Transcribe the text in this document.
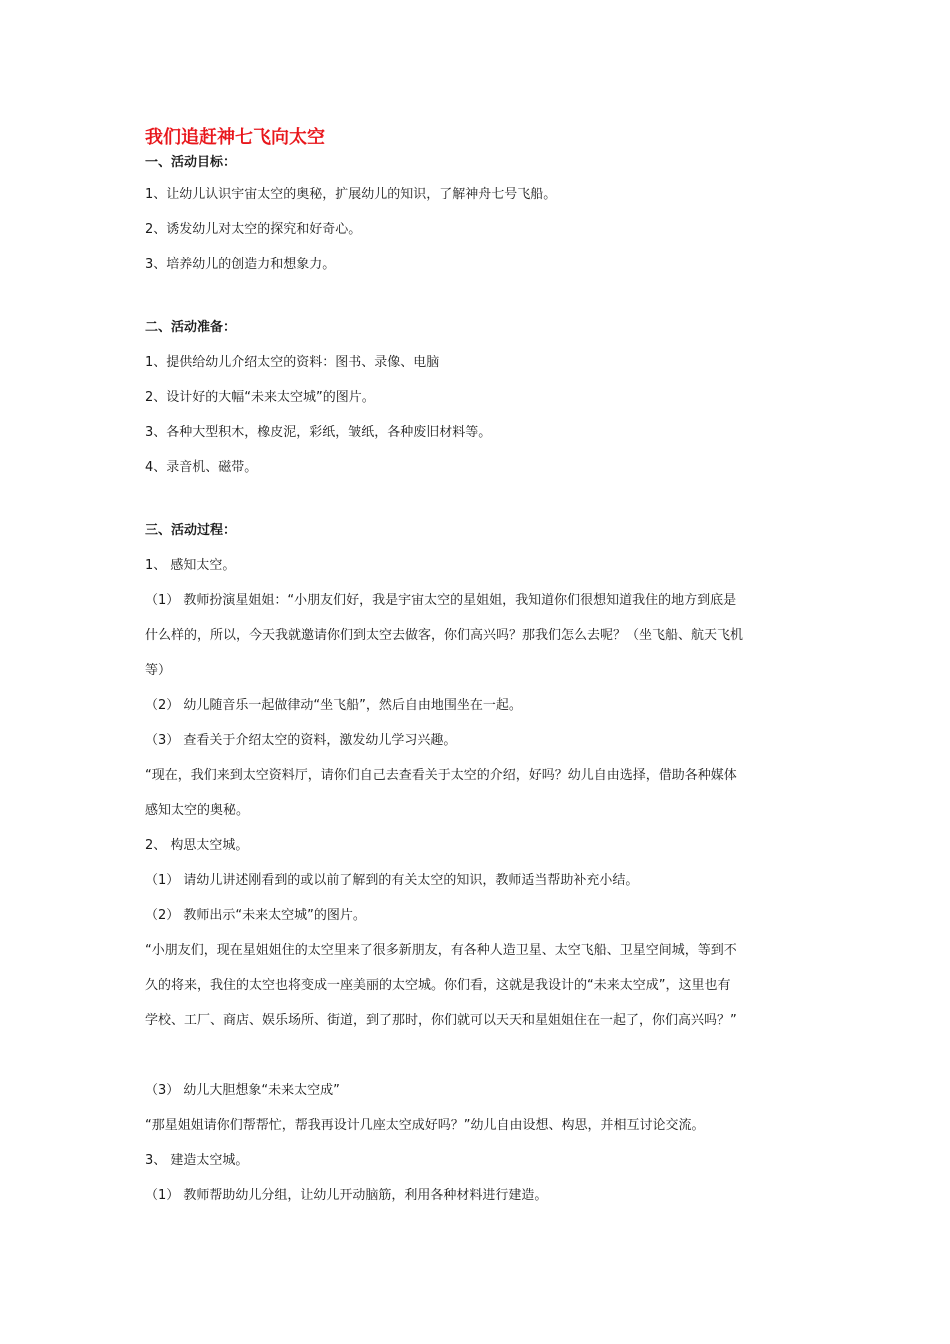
我们追赶神七飞向太空
一、活动目标：
1、让幼儿认识宇宙太空的奥秘，扩展幼儿的知识，了解神舟七号飞船。
2、诱发幼儿对太空的探究和好奇心。
3、培养幼儿的创造力和想象力。
二、活动准备：
1、提供给幼儿介绍太空的资料：图书、录像、电脑
2、设计好的大幅“未来太空城”的图片。
3、各种大型积木，橡皮泥，彩纸，皱纸，各种废旧材料等。
4、录音机、磁带。
三、活动过程：
1、 感知太空。
（1） 教师扮演星姐姐：“小朋友们好，我是宇宙太空的星姐姐，我知道你们很想知道我住的地方到底是
什么样的，所以，今天我就邀请你们到太空去做客，你们高兴吗？那我们怎么去呢？（坐飞船、航天飞机
等）
（2） 幼儿随音乐一起做律动“坐飞船”，然后自由地围坐在一起。
（3） 查看关于介绍太空的资料，激发幼儿学习兴趣。
“现在，我们来到太空资料厅，请你们自己去查看关于太空的介绍，好吗？幼儿自由选择，借助各种媒体
感知太空的奥秘。
2、 构思太空城。
（1） 请幼儿讲述刚看到的或以前了解到的有关太空的知识，教师适当帮助补充小结。
（2） 教师出示“未来太空城”的图片。
“小朋友们，现在星姐姐住的太空里来了很多新朋友，有各种人造卫星、太空飞船、卫星空间城，等到不
久的将来，我住的太空也将变成一座美丽的太空城。你们看，这就是我设计的“未来太空成”，这里也有
学校、工厂、商店、娱乐场所、街道，到了那时，你们就可以天天和星姐姐住在一起了，你们高兴吗？”
（3） 幼儿大胆想象“未来太空成”
“那星姐姐请你们帮帮忙，帮我再设计几座太空成好吗？”幼儿自由设想、构思，并相互讨论交流。
3、 建造太空城。
（1） 教师帮助幼儿分组，让幼儿开动脑筋，利用各种材料进行建造。
